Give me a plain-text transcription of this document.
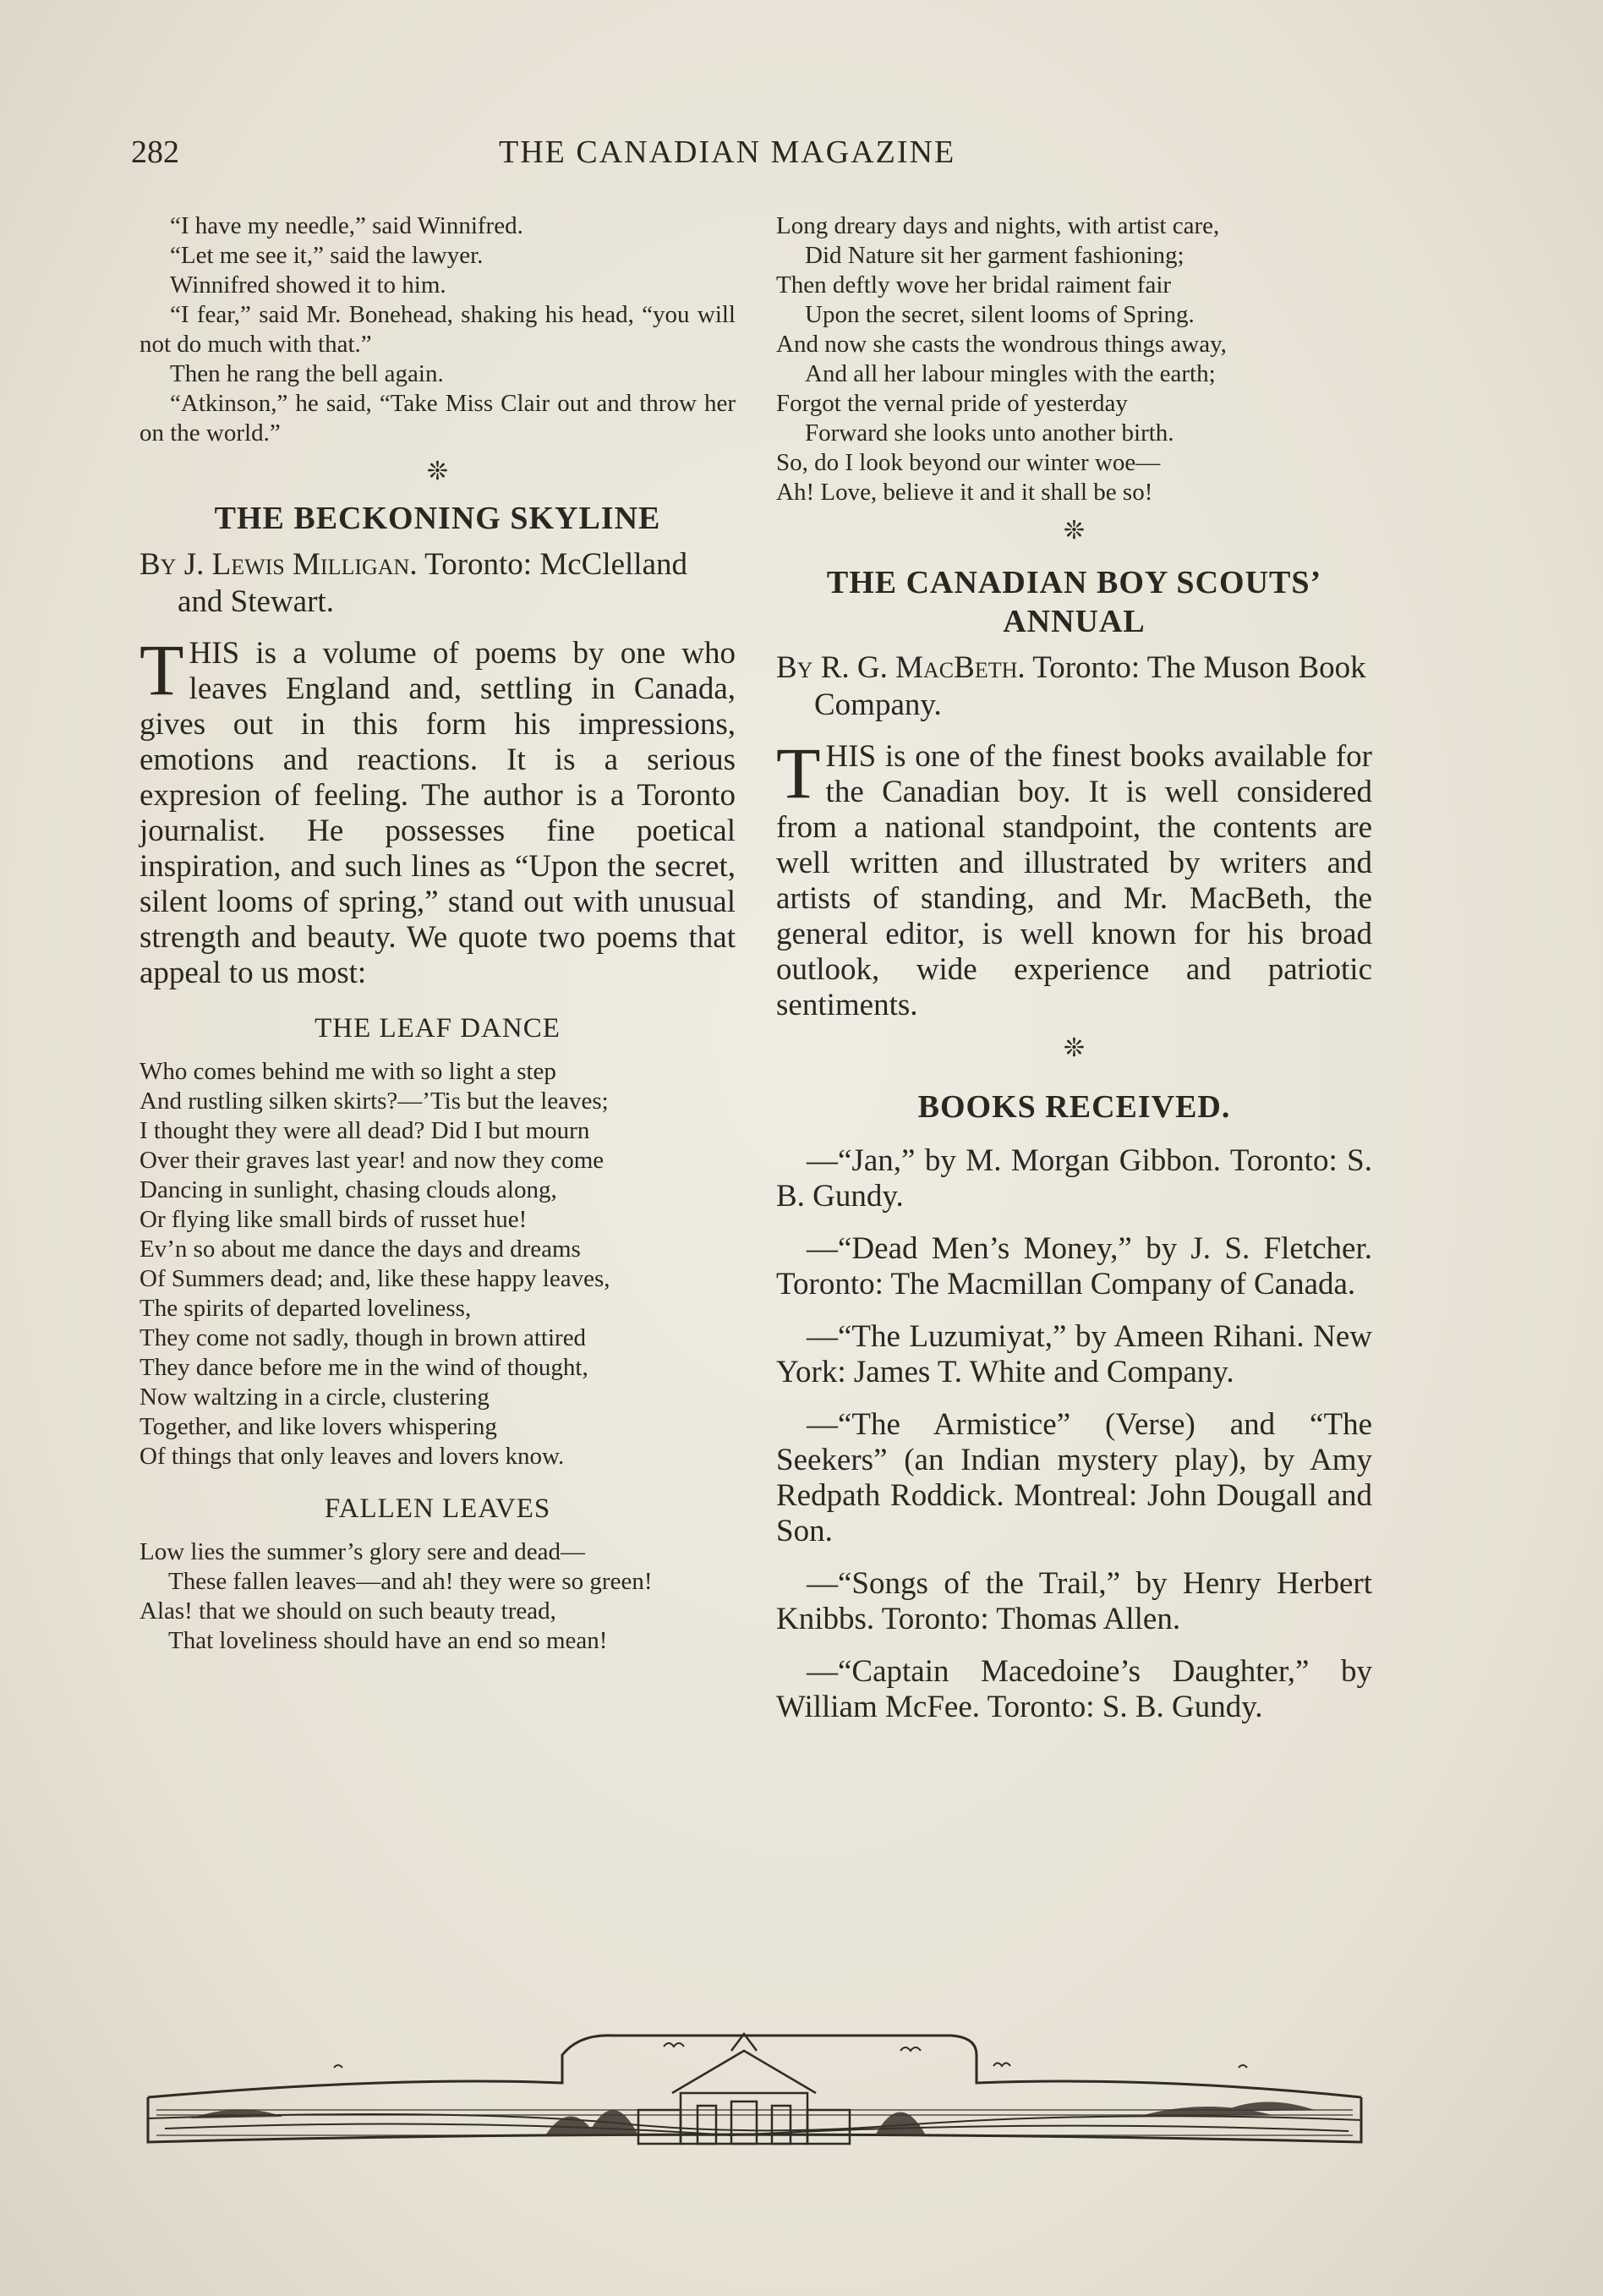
282	THE CANADIAN MAGAZINE

“I have my needle,” said Winnifred.

“Let me see it,” said the lawyer.

Winnifred showed it to him.

“I fear,” said Mr. Bonehead, shaking his head, “you will not do much with that.”

Then he rang the bell again.

“Atkinson,” he said, “Take Miss Clair out and throw her on the world.”

❊
THE BECKONING SKYLINE
By J. Lewis Milligan. Toronto: McClelland and Stewart.
T HIS is a volume of poems by one who leaves England and, settling in Canada, gives out in this form his impressions, emotions and reactions. It is a serious expresion of feeling. The author is a Toronto journalist. He possesses fine poetical inspiration, and such lines as “Upon the secret, silent looms of spring,” stand out with unusual strength and beauty. We quote two poems that appeal to us most:

THE LEAF DANCE
Who comes behind me with so light a step
And rustling silken skirts?—’Tis but the leaves;
I thought they were all dead? Did I but mourn
Over their graves last year! and now they come
Dancing in sunlight, chasing clouds along,
Or flying like small birds of russet hue!
Ev’n so about me dance the days and dreams
Of Summers dead; and, like these happy leaves,
The spirits of departed loveliness,
They come not sadly, though in brown attired
They dance before me in the wind of thought,
Now waltzing in a circle, clustering
Together, and like lovers whispering
Of things that only leaves and lovers know.
FALLEN LEAVES
Low lies the summer’s glory sere and dead—
These fallen leaves—and ah! they were so green!
Alas! that we should on such beauty tread,
That loveliness should have an end so mean!
Long dreary days and nights, with artist care,
Did Nature sit her garment fashioning;
Then deftly wove her bridal raiment fair
Upon the secret, silent looms of Spring.
And now she casts the wondrous things away,
And all her labour mingles with the earth;
Forgot the vernal pride of yesterday
Forward she looks unto another birth.
So, do I look beyond our winter woe—
Ah! Love, believe it and it shall be so!
❊
THE CANADIAN BOY SCOUTS’ ANNUAL
By R. G. MacBeth. Toronto: The Muson Book Company.
T HIS is one of the finest books available for the Canadian boy. It is well considered from a national standpoint, the contents are well written and illustrated by writers and artists of standing, and Mr. MacBeth, the general editor, is well known for his broad outlook, wide experience and patriotic sentiments.

❊
BOOKS RECEIVED.

—“Jan,” by M. Morgan Gibbon. Toronto: S. B. Gundy.

—“Dead Men’s Money,” by J. S. Fletcher. Toronto: The Macmillan Company of Canada.

—“The Luzumiyat,” by Ameen Rihani. New York: James T. White and Company.

—“The Armistice” (Verse) and “The Seekers” (an Indian mystery play), by Amy Redpath Roddick. Montreal: John Dougall and Son.

—“Songs of the Trail,” by Henry Herbert Knibbs. Toronto: Thomas Allen.

—“Captain Macedoine’s Daughter,” by William McFee. Toronto: S. B. Gundy.
